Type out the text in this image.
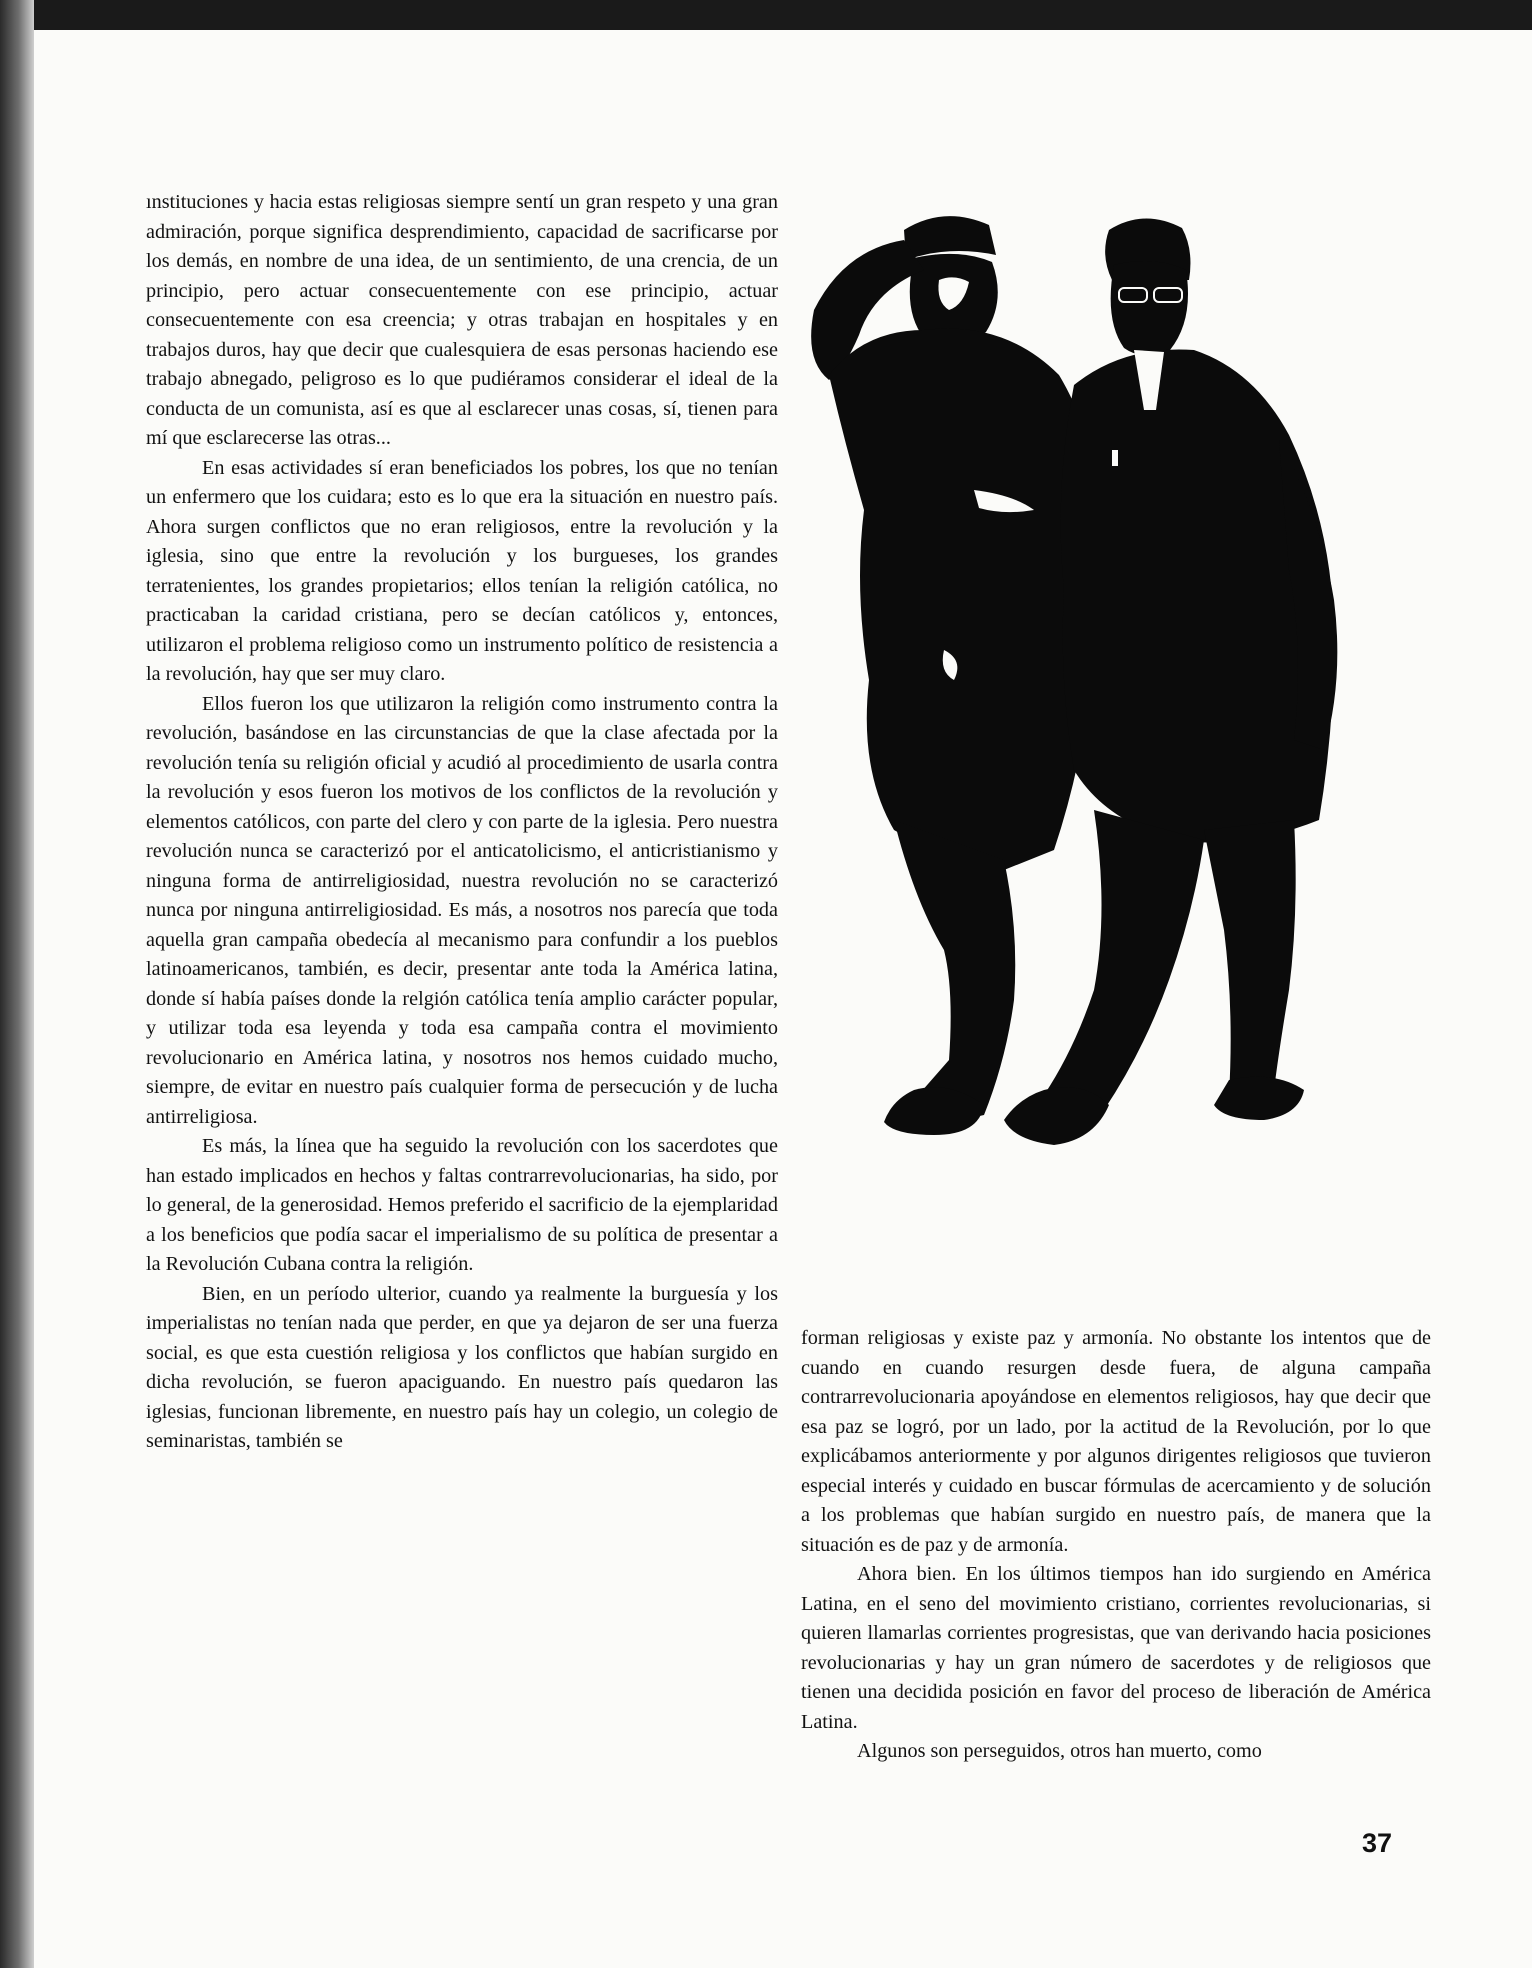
ınstituciones y hacia estas religiosas siempre sentí un gran respeto y una gran admiración, porque significa desprendimiento, capacidad de sacrificarse por los demás, en nombre de una idea, de un sentimiento, de una crencia, de un principio, pero actuar consecuentemente con ese principio, actuar consecuentemente con esa creencia; y otras trabajan en hospitales y en trabajos duros, hay que decir que cualesquiera de esas personas haciendo ese trabajo abnegado, peligroso es lo que pudiéramos considerar el ideal de la conducta de un comunista, así es que al esclarecer unas cosas, sí, tienen para mí que esclarecerse las otras...

En esas actividades sí eran beneficiados los pobres, los que no tenían un enfermero que los cuidara; esto es lo que era la situación en nuestro país. Ahora surgen conflictos que no eran religiosos, entre la revolución y la iglesia, sino que entre la revolución y los burgueses, los grandes terratenientes, los grandes propietarios; ellos tenían la religión católica, no practicaban la caridad cristiana, pero se decían católicos y, entonces, utilizaron el problema religioso como un instrumento político de resistencia a la revolución, hay que ser muy claro.

Ellos fueron los que utilizaron la religión como instrumento contra la revolución, basándose en las circunstancias de que la clase afectada por la revolución tenía su religión oficial y acudió al procedimiento de usarla contra la revolución y esos fueron los motivos de los conflictos de la revolución y elementos católicos, con parte del clero y con parte de la iglesia. Pero nuestra revolución nunca se caracterizó por el anticatolicismo, el anticristianismo y ninguna forma de antirreligiosidad, nuestra revolución no se caracterizó nunca por ninguna antirreligiosidad. Es más, a nosotros nos parecía que toda aquella gran campaña obedecía al mecanismo para confundir a los pueblos latinoamericanos, también, es decir, presentar ante toda la América latina, donde sí había países donde la relgión católica tenía amplio carácter popular, y utilizar toda esa leyenda y toda esa campaña contra el movimiento revolucionario en América latina, y nosotros nos hemos cuidado mucho, siempre, de evitar en nuestro país cualquier forma de persecución y de lucha antirreligiosa.

Es más, la línea que ha seguido la revolución con los sacerdotes que han estado implicados en hechos y faltas contrarrevolucionarias, ha sido, por lo general, de la generosidad. Hemos preferido el sacrificio de la ejemplaridad a los beneficios que podía sacar el imperialismo de su política de presentar a la Revolución Cubana contra la religión.

Bien, en un período ulterior, cuando ya realmente la burguesía y los imperialistas no tenían nada que perder, en que ya dejaron de ser una fuerza social, es que esta cuestión religiosa y los conflictos que habían surgido en dicha revolución, se fueron apaciguando. En nuestro país quedaron las iglesias, funcionan libremente, en nuestro país hay un colegio, un colegio de seminaristas, también se

forman religiosas y existe paz y armonía. No obstante los intentos que de cuando en cuando resurgen desde fuera, de alguna campaña contrarrevolucionaria apoyándose en elementos religiosos, hay que decir que esa paz se logró, por un lado, por la actitud de la Revolución, por lo que explicábamos anteriormente y por algunos dirigentes religiosos que tuvieron especial interés y cuidado en buscar fórmulas de acercamiento y de solución a los problemas que habían surgido en nuestro país, de manera que la situación es de paz y de armonía.

Ahora bien. En los últimos tiempos han ido surgiendo en América Latina, en el seno del movimiento cristiano, corrientes revolucionarias, si quieren llamarlas corrientes progresistas, que van derivando hacia posiciones revolucionarias y hay un gran número de sacerdotes y de religiosos que tienen una decidida posición en favor del proceso de liberación de América Latina.

Algunos son perseguidos, otros han muerto, como

37
